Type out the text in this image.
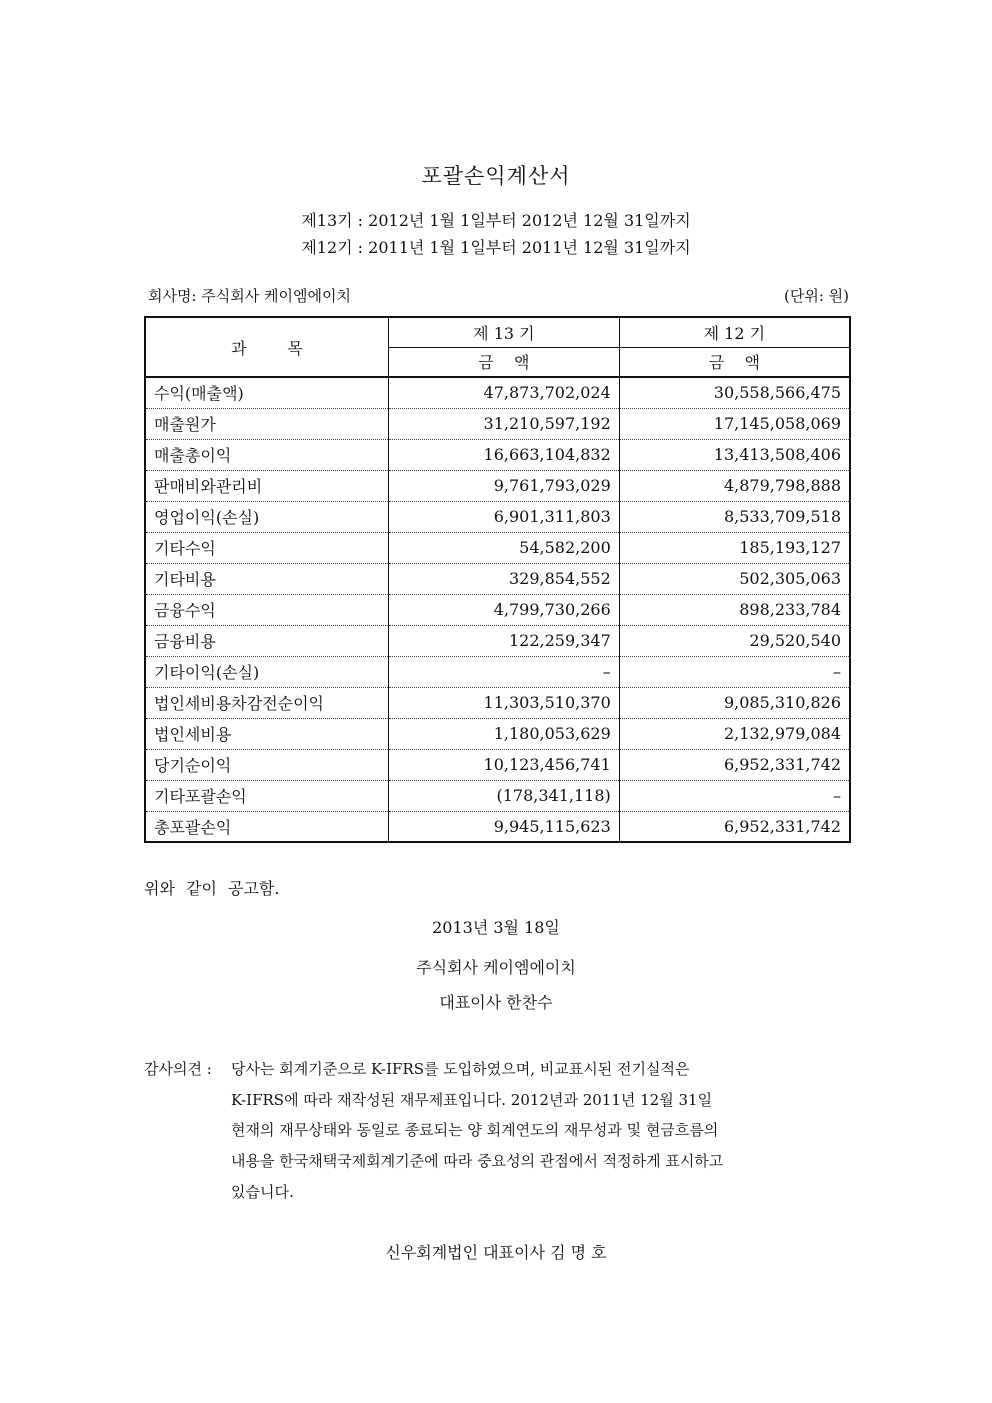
포괄손익계산서
제13기 : 2012년 1월 1일부터 2012년 12월 31일까지
제12기 : 2011년 1월 1일부터 2011년 12월 31일까지
회사명: 주식회사 케이엠에이치	(단위: 원)
과        목	제 13 기	제 12 기
	금    액	금    액
수익(매출액)	47,873,702,024	30,558,566,475
매출원가	31,210,597,192	17,145,058,069
매출총이익	16,663,104,832	13,413,508,406
판매비와관리비	9,761,793,029	4,879,798,888
영업이익(손실)	6,901,311,803	8,533,709,518
기타수익	54,582,200	185,193,127
기타비용	329,854,552	502,305,063
금융수익	4,799,730,266	898,233,784
금융비용	122,259,347	29,520,540
기타이익(손실)	–	–
법인세비용차감전순이익	11,303,510,370	9,085,310,826
법인세비용	1,180,053,629	2,132,979,084
당기순이익	10,123,456,741	6,952,331,742
기타포괄손익	(178,341,118)	–
총포괄손익	9,945,115,623	6,952,331,742
위와 같이 공고함.
2013년 3월 18일
주식회사 케이엠에이치
대표이사 한찬수
감사의견 : 당사는 회계기준으로 K-IFRS를 도입하였으며, 비교표시된 전기실적은
K-IFRS에 따라 재작성된 재무제표입니다. 2012년과 2011년 12월 31일
현재의 재무상태와 동일로 종료되는 양 회계연도의 재무성과 및 현금흐름의
내용을 한국채택국제회계기준에 따라 중요성의 관점에서 적정하게 표시하고
있습니다.
신우회계법인 대표이사 김 명 호
